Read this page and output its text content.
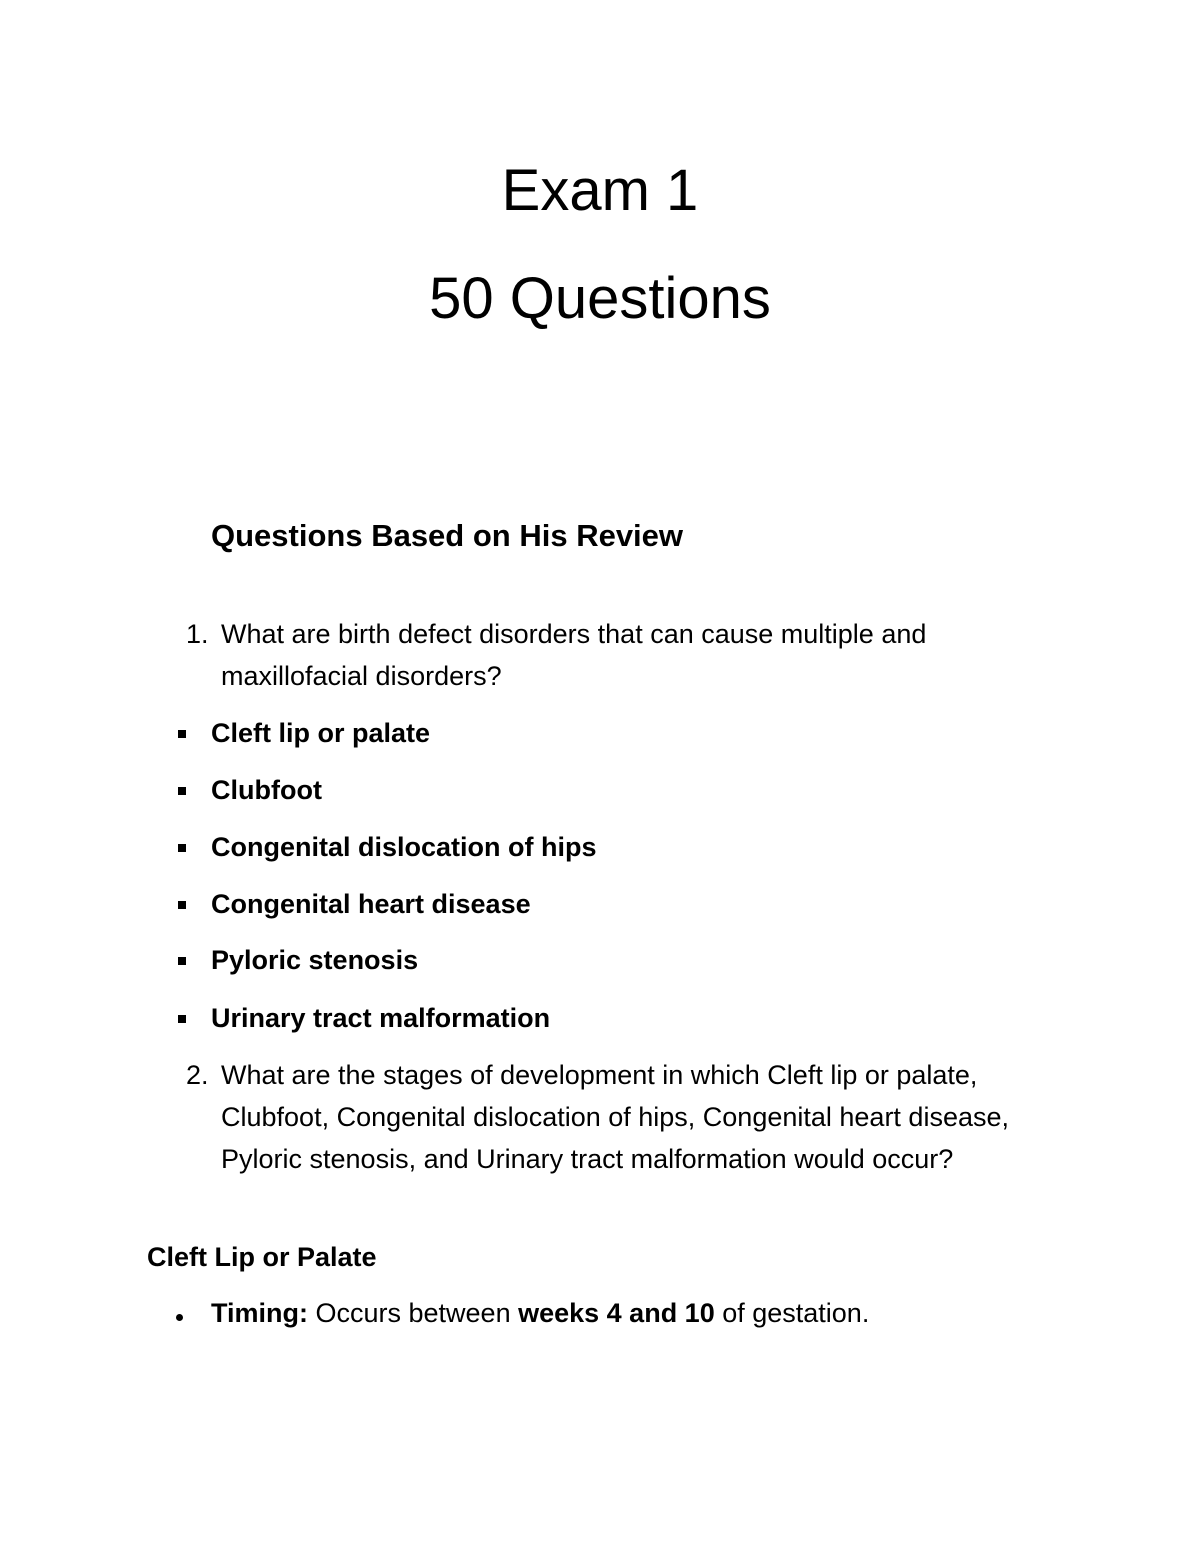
Exam 1
50 Questions
Questions Based on His Review
1. What are birth defect disorders that can cause multiple and
maxillofacial disorders?
Cleft lip or palate
Clubfoot
Congenital dislocation of hips
Congenital heart disease
Pyloric stenosis
Urinary tract malformation
2. What are the stages of development in which Cleft lip or palate,
Clubfoot, Congenital dislocation of hips, Congenital heart disease,
Pyloric stenosis, and Urinary tract malformation would occur?
Cleft Lip or Palate
Timing: Occurs between weeks 4 and 10 of gestation.
